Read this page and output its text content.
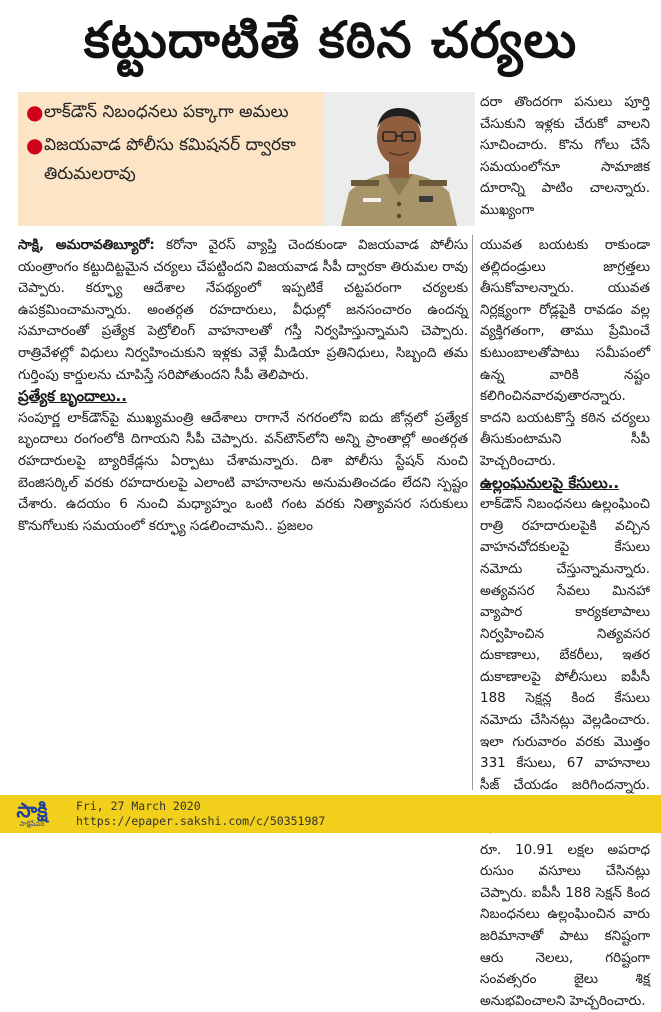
కట్టుదాటితే కఠిన చర్యలు
● లాక్‌డౌన్ నిబంధనలు పక్కాగా అమలు
● విజయవాడ పోలీసు కమిషనర్ ద్వారకా తిరుమలరావు

దరా తొందరగా పనులు పూర్తి చేసుకుని ఇళ్లకు చేరుకో వాలని సూచించారు. కొను గోలు చేసే సమయంలోనూ సామాజిక దూరాన్ని పాటిం చాలన్నారు. ముఖ్యంగా

సాక్షి, అమరావతిబ్యూరో: కరోనా వైరస్ వ్యాప్తి చెందకుండా విజయవాడ పోలీసు యంత్రాంగం కట్టుదిట్టమైన చర్యలు చేపట్టిందని విజయవాడ సీపీ ద్వారకా తిరుమల రావు చెప్పారు. కర్ఫ్యూ ఆదేశాల నేపథ్యంలో ఇప్పటికే చట్టపరంగా చర్యలకు ఉపక్రమించామన్నారు. అంతర్గత రహదారులు, వీధుల్లో జనసంచారం ఉందన్న సమాచారంతో ప్రత్యేక పెట్రోలింగ్ వాహనాలతో గస్తీ నిర్వహిస్తున్నామని చెప్పారు. రాత్రివేళల్లో విధులు నిర్వహించుకుని ఇళ్లకు వెళ్లే మీడియా ప్రతినిధులు, సిబ్బంది తమ గుర్తింపు కార్డులను చూపిస్తే సరిపోతుందని సీపీ తెలిపారు.

ప్రత్యేక బృందాలు..

సంపూర్ణ లాక్‌డౌన్‌పై ముఖ్యమంత్రి ఆదేశాలు రాగానే నగరంలోని ఐదు జోన్లలో ప్రత్యేక బృందాలు రంగంలోకి దిగాయని సీపీ చెప్పారు. వన్‌టౌన్‌లోని అన్ని ప్రాంతాల్లో అంతర్గత రహదారులపై బ్యారికేడ్లను ఏర్పాటు చేశామన్నారు. దిశా పోలీసు స్టేషన్ నుంచి బెంజిసర్కిల్ వరకు రహదారులపై ఎలాంటి వాహనాలను అనుమతించడం లేదని స్పష్టం చేశారు. ఉదయం 6 నుంచి మధ్యాహ్నం ఒంటి గంట వరకు నిత్యావసర సరుకులు కొనుగోలుకు సమయంలో కర్ఫ్యూ సడలించామని.. ప్రజలం

యువత బయటకు రాకుండా తల్లిదండ్రులు జాగ్రత్తలు తీసుకోవాలన్నారు. యువత నిర్లక్ష్యంగా రోడ్లపైకి రావడం వల్ల వ్యక్తిగతంగా, తాము ప్రేమించే కుటుంబాలతోపాటు సమీపంలో ఉన్న వారికి నష్టం కలిగించినవారవుతారన్నారు. కాదని బయటకొస్తే కఠిన చర్యలు తీసుకుంటామని సీపీ హెచ్చరించారు.

ఉల్లంఘనులపై కేసులు..

లాక్‌డౌన్ నిబంధనలు ఉల్లంఘించి రాత్రి రహదారులపైకి వచ్చిన వాహనచోదకులపై కేసులు నమోదు చేస్తున్నామన్నారు. అత్యవసర సేవలు మినహా వ్యాపార కార్యకలాపాలు నిర్వహించిన నిత్యవసర దుకాణాలు, బేకరీలు, ఇతర దుకాణాలపై పోలీసులు ఐపీసీ 188 సెక్షన్ల కింద కేసులు నమోదు చేసినట్లు వెల్లడించారు. ఇలా గురువారం వరకు మొత్తం 331 కేసులు, 67 వాహనాలు సీజ్ చేయడం జరిగిందన్నారు. రూ. 10.91 లక్షల అపరాధ రుసుం వసూలు చేసినట్లు చెప్పారు. ఐపీసీ 188 సెక్షన్ కింద నిబంధనలు ఉల్లంఘించిన వారు జరిమానాతో పాటు కనిష్టంగా ఆరు నెలలు, గరిష్టంగా సంవత్సరం జైలు శిక్ష అనుభవించాలని హెచ్చరించారు.

సాక్షి
సాక్షిపేపర్
Fri, 27 March 2020
https://epaper.sakshi.com/c/50351987
